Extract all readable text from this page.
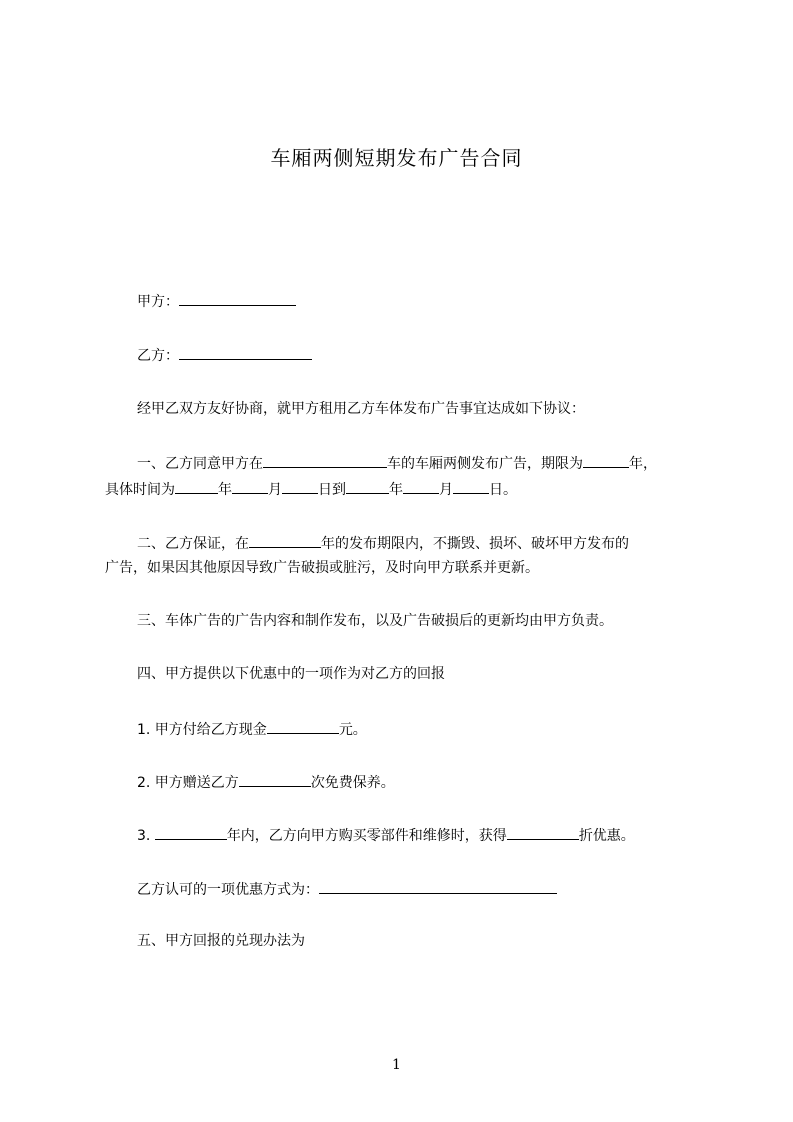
车厢两侧短期发布广告合同
甲方：
乙方：
经甲乙双方友好协商，就甲方租用乙方车体发布广告事宜达成如下协议：
一、乙方同意甲方在	车的车厢两侧发布广告，期限为	年，
具体时间为	年	月	日到	年	月	日。
二、乙方保证，在	年的发布期限内，不撕毁、损坏、破坏甲方发布的
广告，如果因其他原因导致广告破损或脏污，及时向甲方联系并更新。
三、车体广告的广告内容和制作发布，以及广告破损后的更新均由甲方负责。
四、甲方提供以下优惠中的一项作为对乙方的回报
1. 甲方付给乙方现金	元。
2. 甲方赠送乙方	次免费保养。
3.	年内，乙方向甲方购买零部件和维修时，获得	折优惠。
乙方认可的一项优惠方式为：
五、甲方回报的兑现办法为
1
